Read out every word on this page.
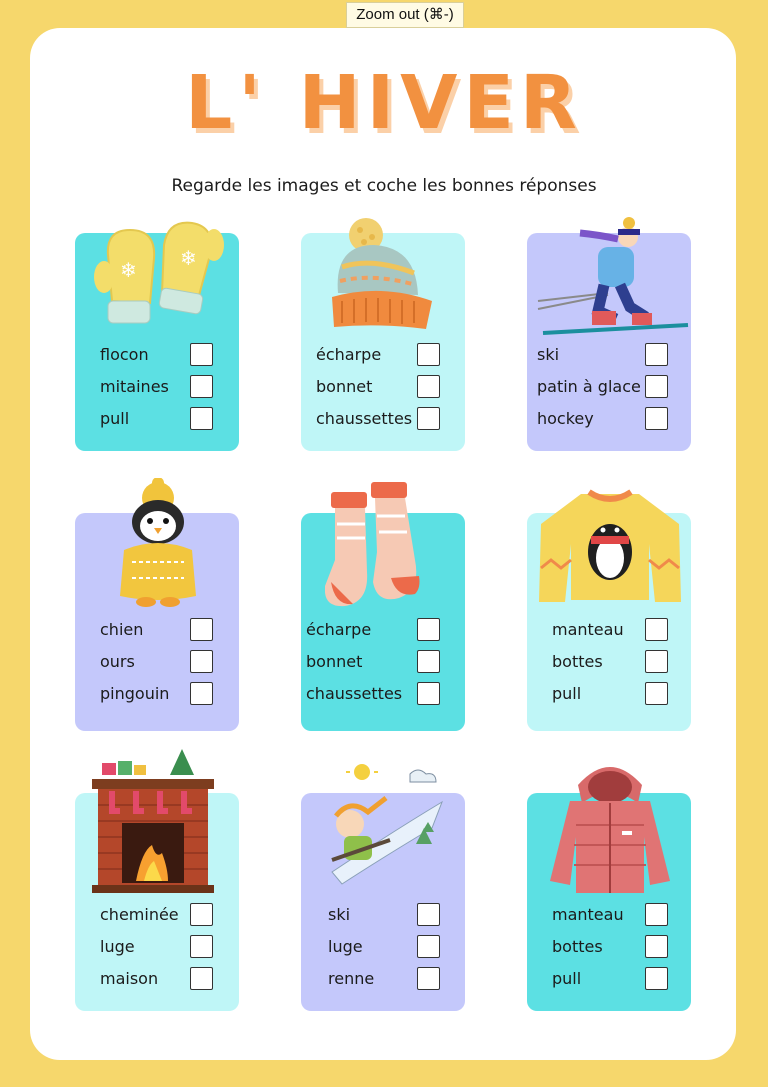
Zoom out (⌘-)
L' HIVER
Regarde les images et coche les bonnes réponses
❄ ❄
flocon
mitaines
pull
écharpe
bonnet
chaussettes
ski
patin à glace
hockey
chien
ours
pingouin
écharpe
bonnet
chaussettes
manteau
bottes
pull
cheminée
luge
maison
ski
luge
renne
manteau
bottes
pull
